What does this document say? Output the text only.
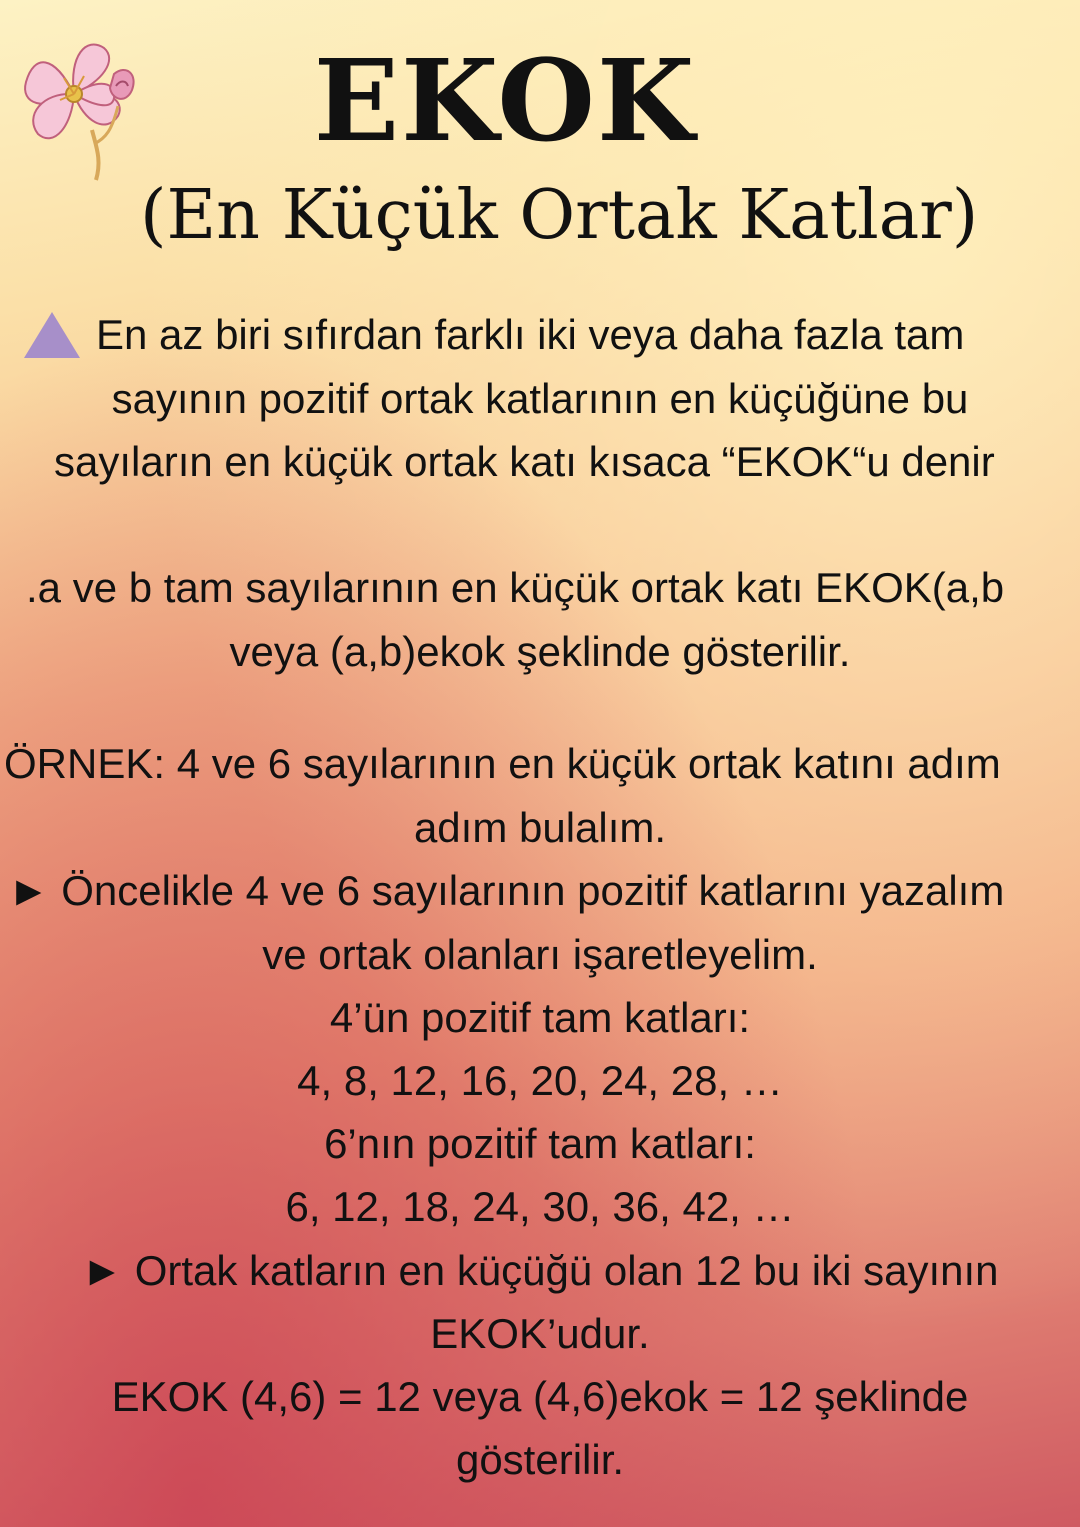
EKOK
(En Küçük Ortak Katlar)
En az biri sıfırdan farklı iki veya daha fazla tam
sayının pozitif ortak katlarının en küçüğüne bu
sayıların en küçük ortak katı kısaca “EKOK“u denir
.a ve b tam sayılarının en küçük ortak katı EKOK(a,b
veya (a,b)ekok şeklinde gösterilir.
ÖRNEK: 4 ve 6 sayılarının en küçük ortak katını adım
adım bulalım.
► Öncelikle 4 ve 6 sayılarının pozitif katlarını yazalım
ve ortak olanları işaretleyelim.
4’ün pozitif tam katları:
4, 8, 12, 16, 20, 24, 28, …
6’nın pozitif tam katları:
6, 12, 18, 24, 30, 36, 42, …
► Ortak katların en küçüğü olan 12 bu iki sayının
EKOK’udur.
EKOK (4,6) = 12 veya (4,6)ekok = 12 şeklinde
gösterilir.
